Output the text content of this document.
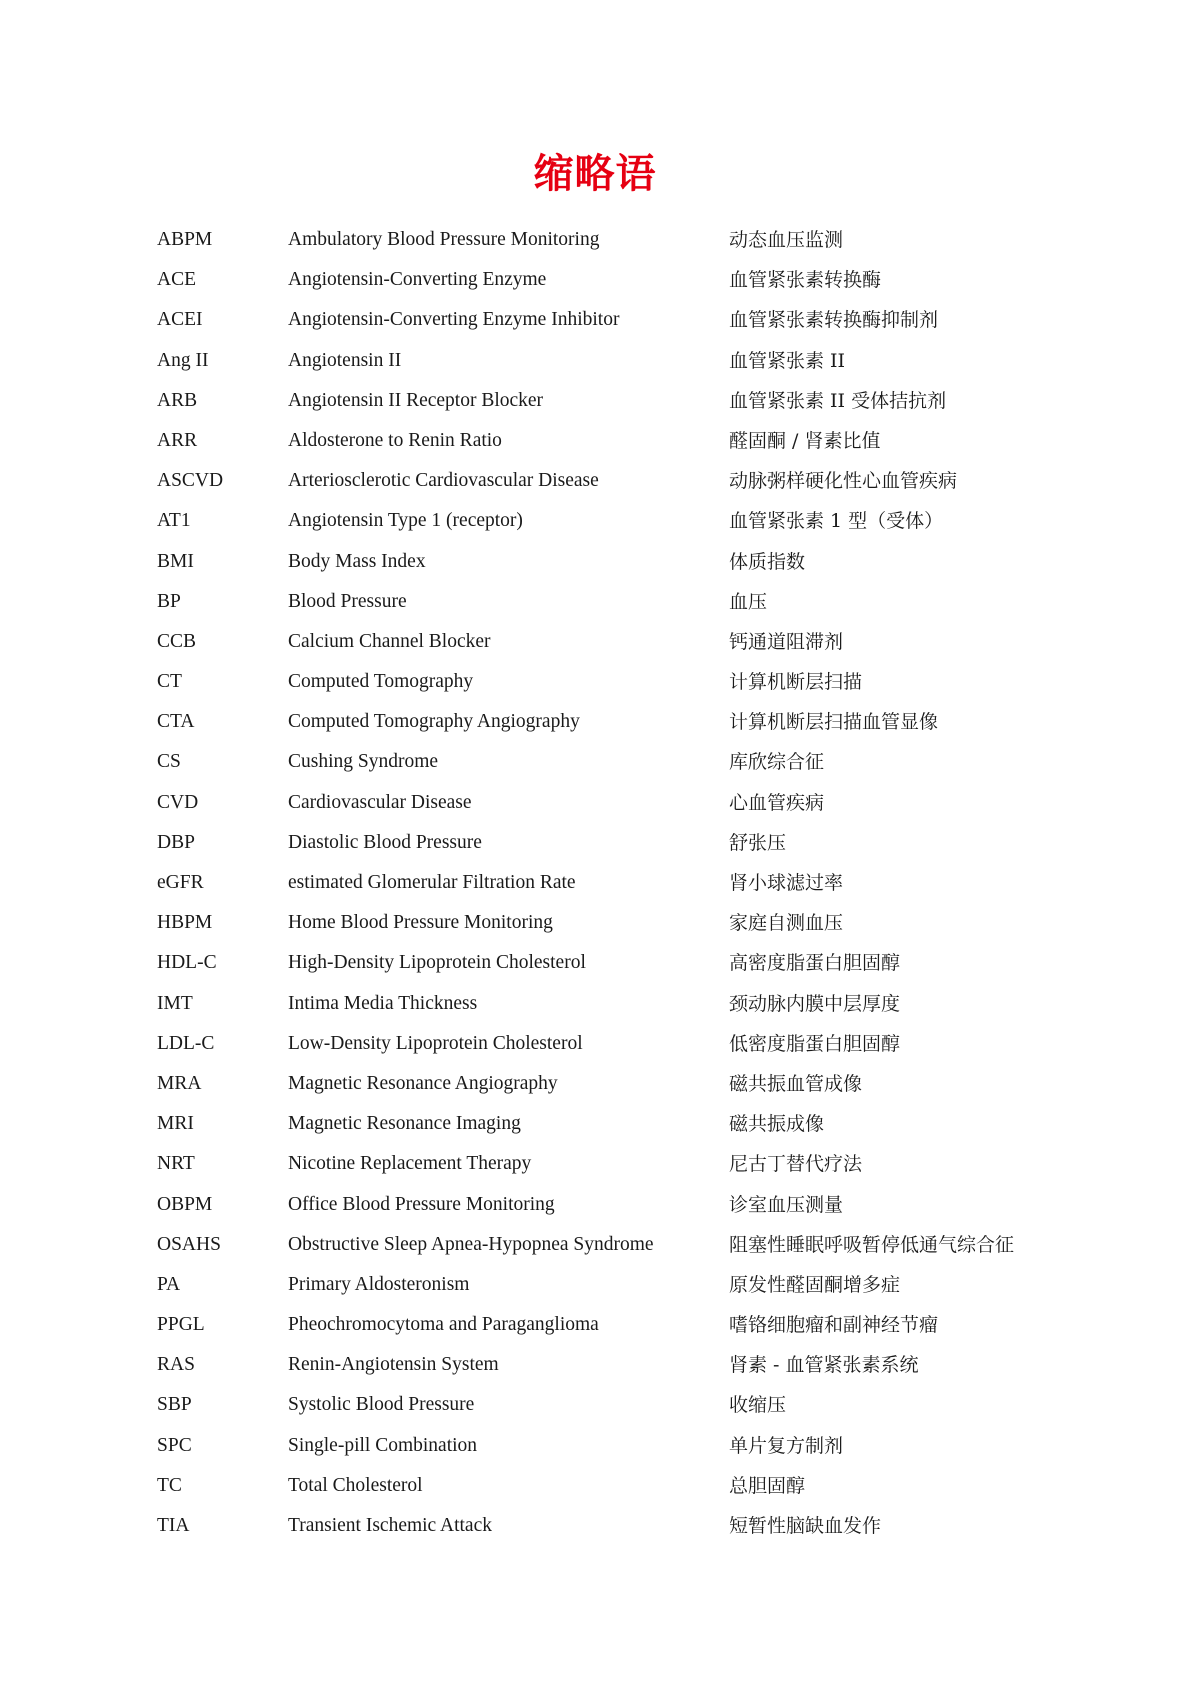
缩略语
ABPM	Ambulatory Blood Pressure Monitoring	动态血压监测
ACE	Angiotensin-Converting Enzyme	血管紧张素转换酶
ACEI	Angiotensin-Converting Enzyme Inhibitor	血管紧张素转换酶抑制剂
Ang II	Angiotensin II	血管紧张素 II
ARB	Angiotensin II Receptor Blocker	血管紧张素 II 受体拮抗剂
ARR	Aldosterone to Renin Ratio	醛固酮 / 肾素比值
ASCVD	Arteriosclerotic Cardiovascular Disease	动脉粥样硬化性心血管疾病
AT1	Angiotensin Type 1 (receptor)	血管紧张素 1 型（受体）
BMI	Body Mass Index	体质指数
BP	Blood Pressure	血压
CCB	Calcium Channel Blocker	钙通道阻滞剂
CT	Computed Tomography	计算机断层扫描
CTA	Computed Tomography Angiography	计算机断层扫描血管显像
CS	Cushing Syndrome	库欣综合征
CVD	Cardiovascular Disease	心血管疾病
DBP	Diastolic Blood Pressure	舒张压
eGFR	estimated Glomerular Filtration Rate	肾小球滤过率
HBPM	Home Blood Pressure Monitoring	家庭自测血压
HDL-C	High-Density Lipoprotein Cholesterol	高密度脂蛋白胆固醇
IMT	Intima Media Thickness	颈动脉内膜中层厚度
LDL-C	Low-Density Lipoprotein Cholesterol	低密度脂蛋白胆固醇
MRA	Magnetic Resonance Angiography	磁共振血管成像
MRI	Magnetic Resonance Imaging	磁共振成像
NRT	Nicotine Replacement Therapy	尼古丁替代疗法
OBPM	Office Blood Pressure Monitoring	诊室血压测量
OSAHS	Obstructive Sleep Apnea-Hypopnea Syndrome	阻塞性睡眠呼吸暂停低通气综合征
PA	Primary Aldosteronism	原发性醛固酮增多症
PPGL	Pheochromocytoma and Paraganglioma	嗜铬细胞瘤和副神经节瘤
RAS	Renin-Angiotensin System	肾素 - 血管紧张素系统
SBP	Systolic Blood Pressure	收缩压
SPC	Single-pill Combination	单片复方制剂
TC	Total Cholesterol	总胆固醇
TIA	Transient Ischemic Attack	短暂性脑缺血发作
